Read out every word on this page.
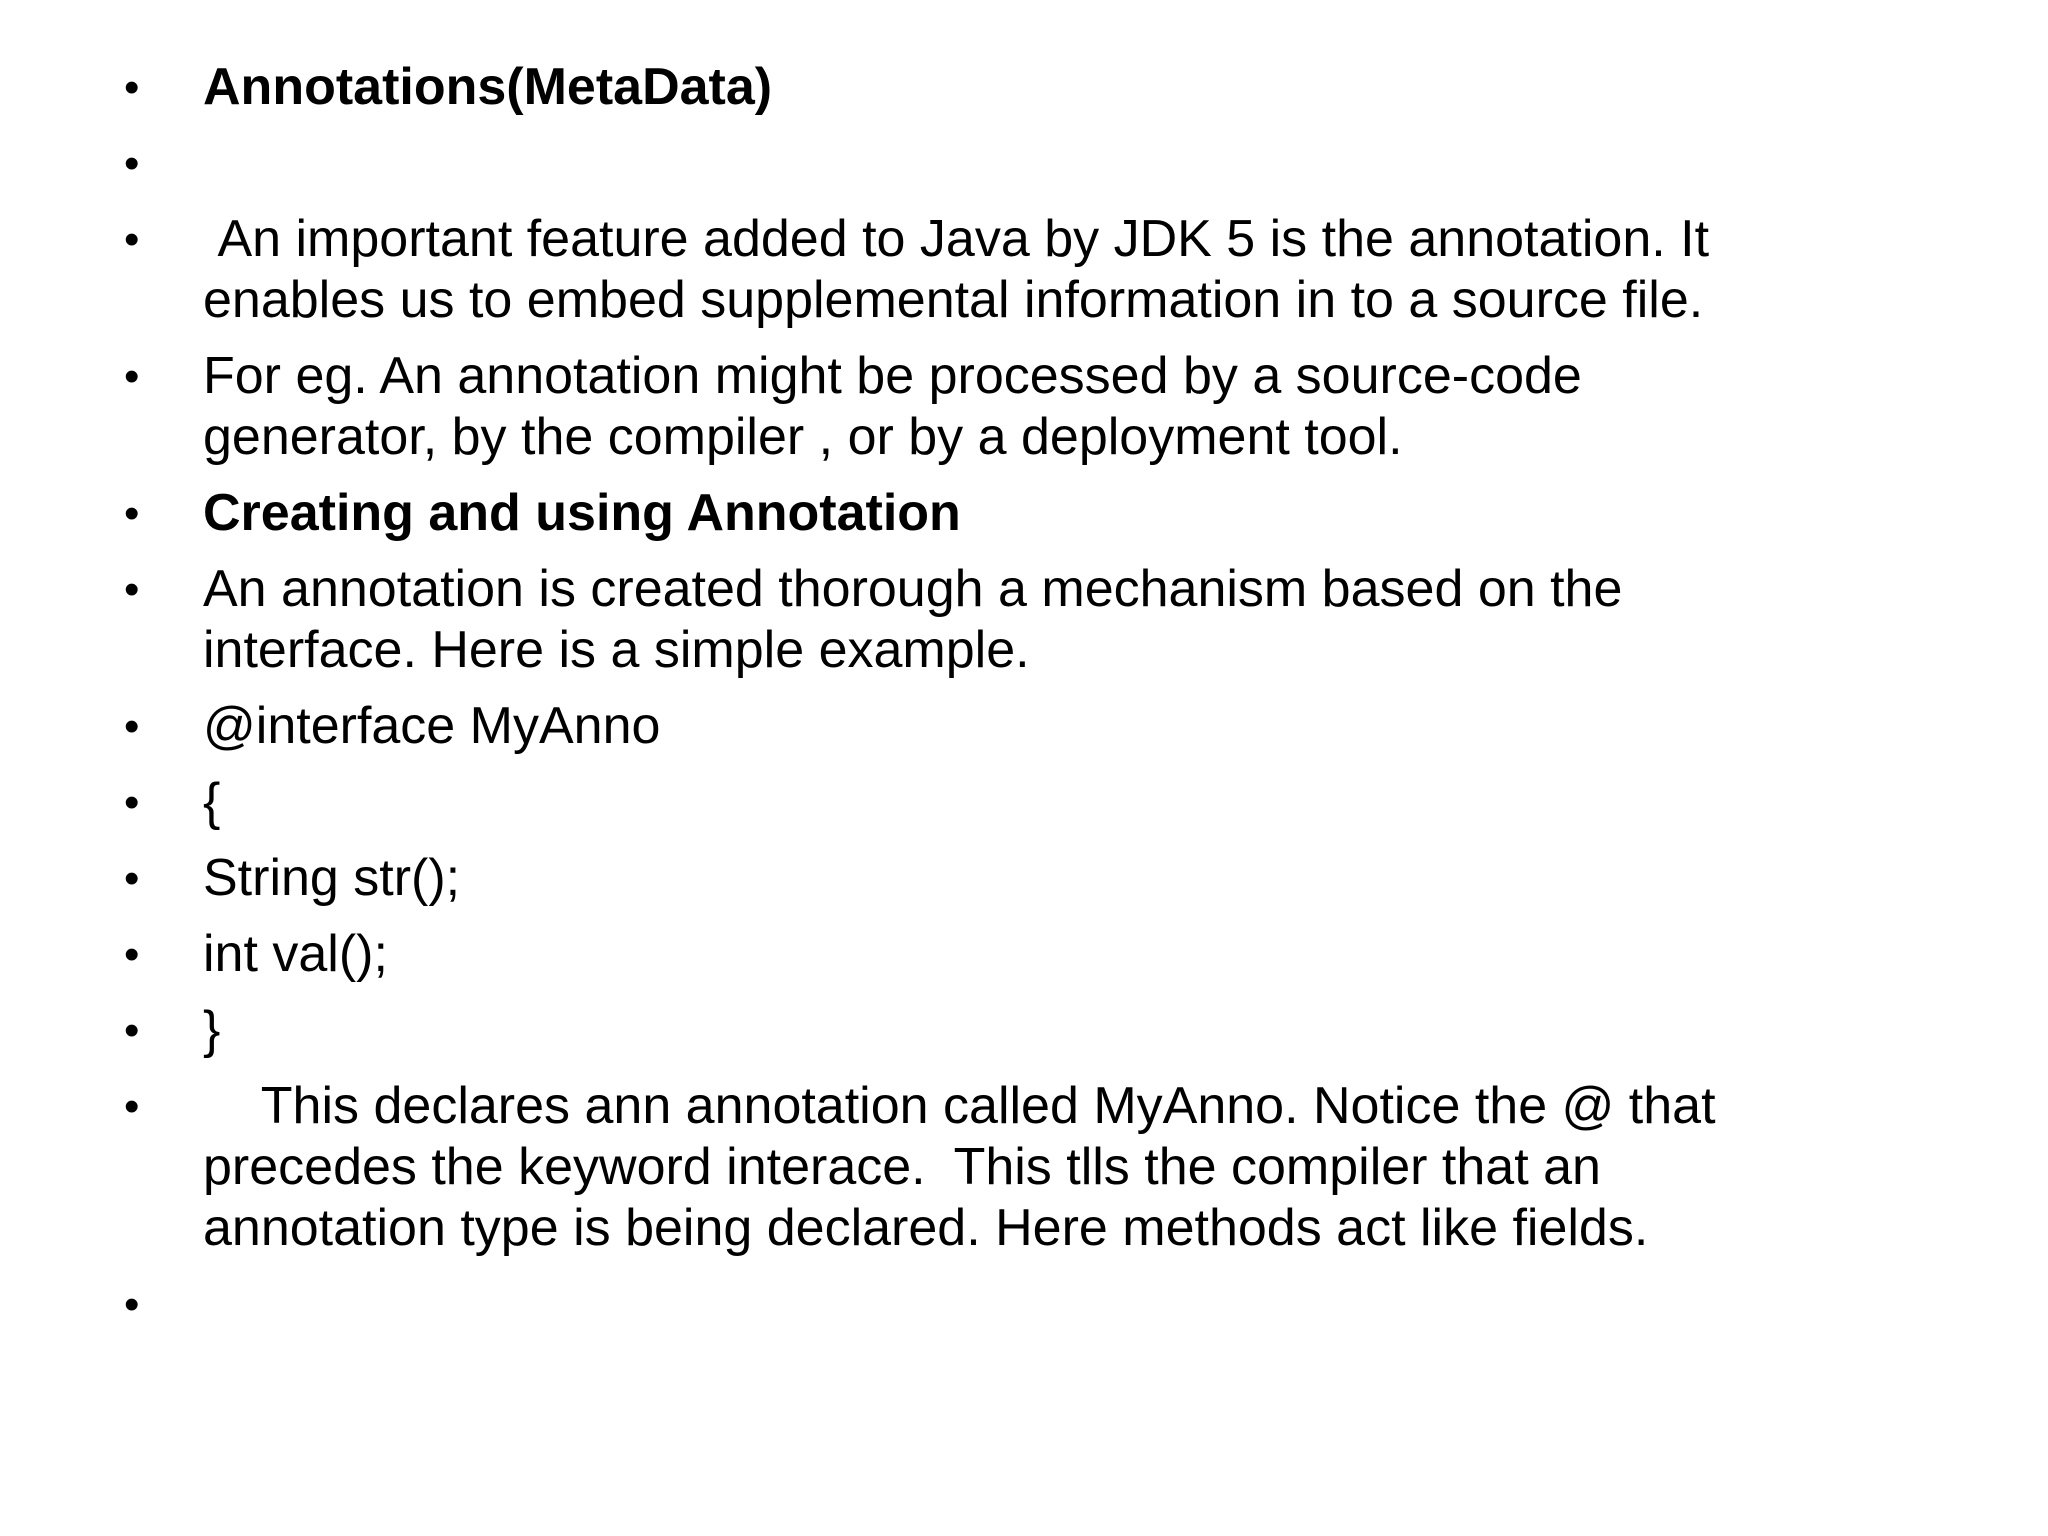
• Annotations(MetaData)
•
• An important feature added to Java by JDK 5 is the annotation. It
enables us to embed supplemental information in to a source file.
• For eg. An annotation might be processed by a source-code
generator, by the compiler , or by a deployment tool.
• Creating and using Annotation
• An annotation is created thorough a mechanism based on the
interface. Here is a simple example.
• @interface MyAnno
• {
• String str();
• int val();
• }
•	This declares ann annotation called MyAnno. Notice the @ that
precedes the keyword interace.  This tlls the compiler that an
annotation type is being declared. Here methods act like fields.
•
